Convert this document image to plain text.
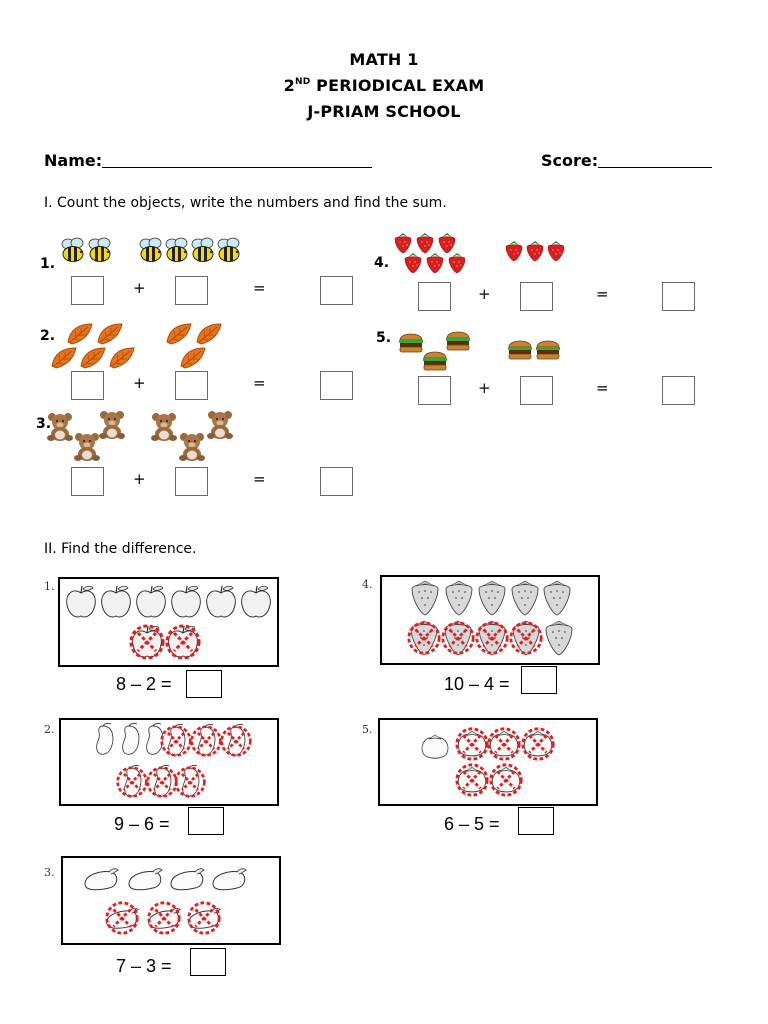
MATH 1
2ND PERIODICAL EXAM
J-PRIAM SCHOOL
Name:	Score:
I. Count the objects, write the numbers and find the sum.
1.
+	=
2.
+	=
3.
+	=
4.
+	=
5.
+	=
II. Find the difference.
1.
8 – 2 =
2.
9 – 6 =
3.
7 – 3 =
4.
10 – 4 =
5.
6 – 5 =
